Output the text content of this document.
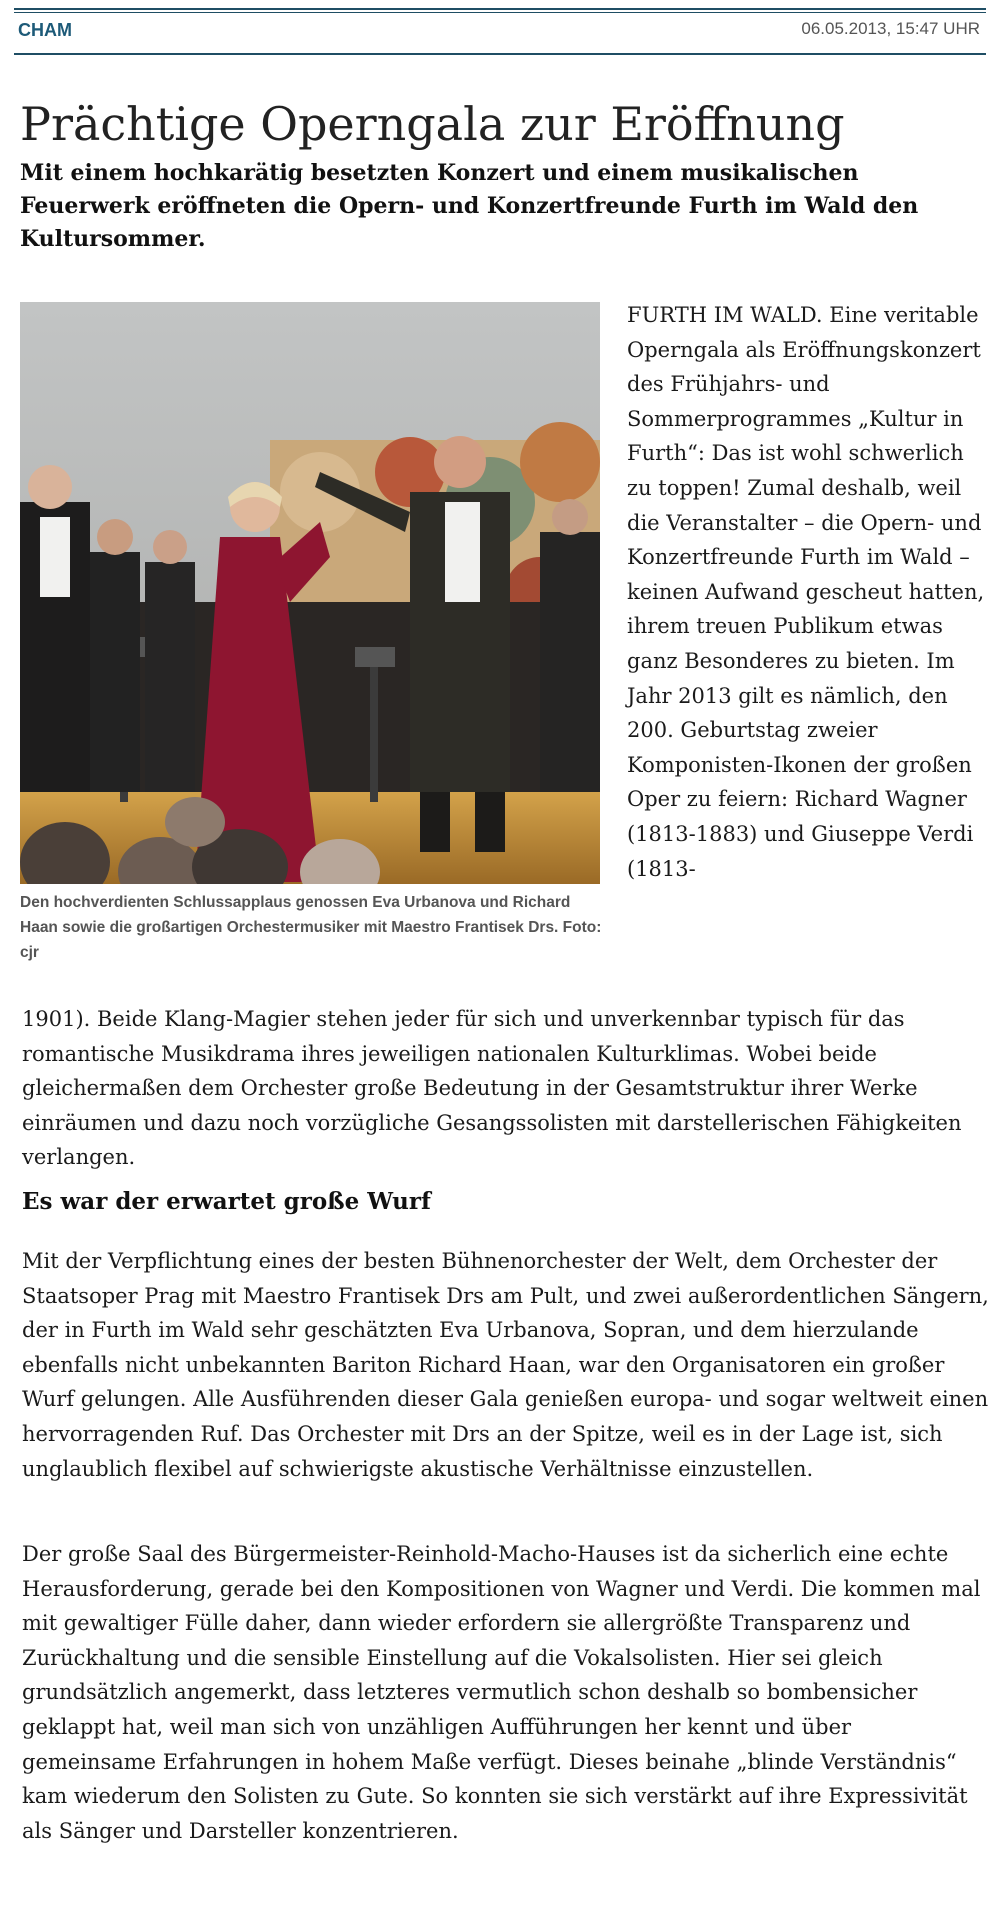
CHAM	06.05.2013, 15:47 UHR
Prächtige Operngala zur Eröffnung

Mit einem hochkarätig besetzten Konzert und einem musikalischen Feuerwerk eröffneten die Opern- und Konzertfreunde Furth im Wald den Kultursommer.

Den hochverdienten Schlussapplaus genossen Eva Urbanova und Richard Haan sowie die großartigen Orchestermusiker mit Maestro Frantisek Drs. Foto: cjr

FURTH IM WALD. Eine veritable Operngala als Eröffnungskonzert des Frühjahrs- und Sommerprogrammes „Kultur in Furth“: Das ist wohl schwerlich zu toppen! Zumal deshalb, weil die Veranstalter – die Opern- und Konzertfreunde Furth im Wald – keinen Aufwand gescheut hatten, ihrem treuen Publikum etwas ganz Besonderes zu bieten. Im Jahr 2013 gilt es nämlich, den 200. Geburtstag zweier Komponisten-Ikonen der großen Oper zu feiern: Richard Wagner (1813-1883) und Giuseppe Verdi (1813-

1901). Beide Klang-Magier stehen jeder für sich und unverkennbar typisch für das romantische Musikdrama ihres jeweiligen nationalen Kulturklimas. Wobei beide gleichermaßen dem Orchester große Bedeutung in der Gesamtstruktur ihrer Werke einräumen und dazu noch vorzügliche Gesangssolisten mit darstellerischen Fähigkeiten verlangen.

Es war der erwartet große Wurf

Mit der Verpflichtung eines der besten Bühnenorchester der Welt, dem Orchester der Staatsoper Prag mit Maestro Frantisek Drs am Pult, und zwei außerordentlichen Sängern, der in Furth im Wald sehr geschätzten Eva Urbanova, Sopran, und dem hierzulande ebenfalls nicht unbekannten Bariton Richard Haan, war den Organisatoren ein großer Wurf gelungen. Alle Ausführenden dieser Gala genießen europa- und sogar weltweit einen hervorragenden Ruf. Das Orchester mit Drs an der Spitze, weil es in der Lage ist, sich unglaublich flexibel auf schwierigste akustische Verhältnisse einzustellen.

Der große Saal des Bürgermeister-Reinhold-Macho-Hauses ist da sicherlich eine echte Herausforderung, gerade bei den Kompositionen von Wagner und Verdi. Die kommen mal mit gewaltiger Fülle daher, dann wieder erfordern sie allergrößte Transparenz und Zurückhaltung und die sensible Einstellung auf die Vokalsolisten. Hier sei gleich grundsätzlich angemerkt, dass letzteres vermutlich schon deshalb so bombensicher geklappt hat, weil man sich von unzähligen Aufführungen her kennt und über gemeinsame Erfahrungen in hohem Maße verfügt. Dieses beinahe „blinde Verständnis“ kam wiederum den Solisten zu Gute. So konnten sie sich verstärkt auf ihre Expressivität als Sänger und Darsteller konzentrieren.
